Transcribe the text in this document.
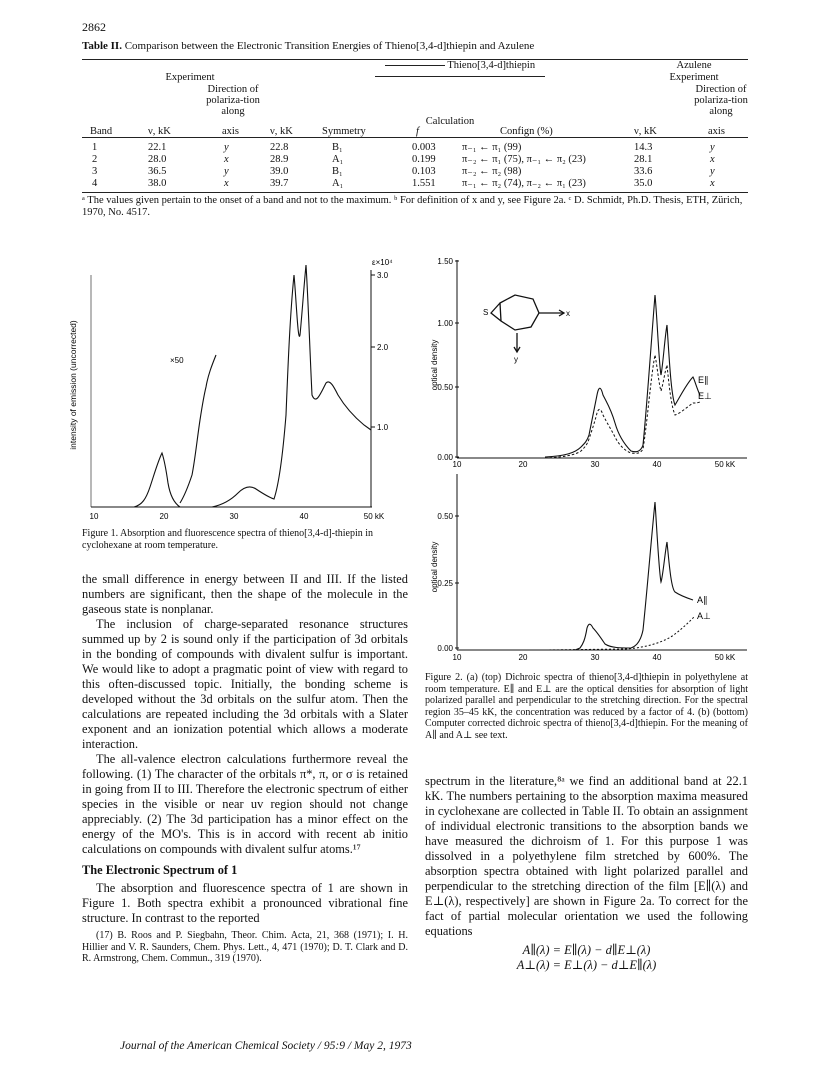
2862
Table II. Comparison between the Electronic Transition Energies of Thieno[3,4-d]thiepin and Azulene
Thieno[3,4-d]thiepin	Azulene
Experiment	Experiment
Direction of polariza-tion along
Direction of polariza-tion along
Calculation
Band	ν, kK	axis	ν, kK	Symmetry	f	Confign (%)	ν, kK	axis
1	22.1	y	22.8	B₁	0.003	π₋₁ ← π₁ (99)	14.3	y
2	28.0	x	28.9	A₁	0.199	π₋₂ ← π₁ (75), π₋₁ ← π₂ (23)	28.1	x
3	36.5	y	39.0	B₁	0.103	π₋₂ ← π₂ (98)	33.6	y
4	38.0	x	39.7	A₁	1.551	π₋₁ ← π₂ (74), π₋₂ ← π₁ (23)	35.0	x
ᵃ The values given pertain to the onset of a band and not to the maximum. ᵇ For definition of x and y, see Figure 2a. ᶜ D. Schmidt, Ph.D. Thesis, ETH, Zürich, 1970, No. 4517.
intensity of emission (uncorrected)
ε×10⁴
10	20	30	40	50 kK
3.0
2.0
1.0
×50
Figure 1. Absorption and fluorescence spectra of thieno[3,4-d]-thiepin in cyclohexane at room temperature.
optical density
10	20	30	40	50 kK
1.50
1.00
0.50
0.00
S	x
y
E∥
E⊥
optical density
10	20	30	40	50 kK
0.50
0.25
0.00
A∥
A⊥
Figure 2. (a) (top) Dichroic spectra of thieno[3,4-d]thiepin in polyethylene at room temperature. E∥ and E⊥ are the optical densities for absorption of light polarized parallel and perpendicular to the stretching direction. For the spectral region 35–45 kK, the concentration was reduced by a factor of 4. (b) (bottom) Computer corrected dichroic spectra of thieno[3,4-d]thiepin. For the meaning of A∥ and A⊥ see text.

the small difference in energy between II and III. If the listed numbers are significant, then the shape of the molecule in the gaseous state is nonplanar.

The inclusion of charge-separated resonance structures summed up by 2 is sound only if the participation of 3d orbitals in the bonding of compounds with divalent sulfur is important. We would like to adopt a pragmatic point of view with regard to this often-discussed topic. Initially, the bonding scheme is developed without the 3d orbitals on the sulfur atom. Then the calculations are repeated including the 3d orbitals with a Slater exponent and an ionization potential which allows a moderate interaction.

The all-valence electron calculations furthermore reveal the following. (1) The character of the orbitals π*, π, or σ is retained in going from II to III. Therefore the electronic spectrum of either species in the visible or near uv region should not change appreciably. (2) The 3d participation has a minor effect on the energy of the MO's. This is in accord with recent ab initio calculations on compounds with divalent sulfur atoms.¹⁷

The Electronic Spectrum of 1

The absorption and fluorescence spectra of 1 are shown in Figure 1. Both spectra exhibit a pronounced vibrational fine structure. In contrast to the reported

(17) B. Roos and P. Siegbahn, Theor. Chim. Acta, 21, 368 (1971); I. H. Hillier and V. R. Saunders, Chem. Phys. Lett., 4, 471 (1970); D. T. Clark and D. R. Armstrong, Chem. Commun., 319 (1970).

spectrum in the literature,⁸ᵃ we find an additional band at 22.1 kK. The numbers pertaining to the absorption maxima measured in cyclohexane are collected in Table II. To obtain an assignment of individual electronic transitions to the absorption bands we have measured the dichroism of 1. For this purpose 1 was dissolved in a polyethylene film stretched by 600%. The absorption spectra obtained with light polarized parallel and perpendicular to the stretching direction of the film [E∥(λ) and E⊥(λ), respectively] are shown in Figure 2a. To correct for the fact of partial molecular orientation we used the following equations

A∥(λ) = E∥(λ) − d∥E⊥(λ)
A⊥(λ) = E⊥(λ) − d⊥E∥(λ)
Journal of the American Chemical Society / 95:9 / May 2, 1973
